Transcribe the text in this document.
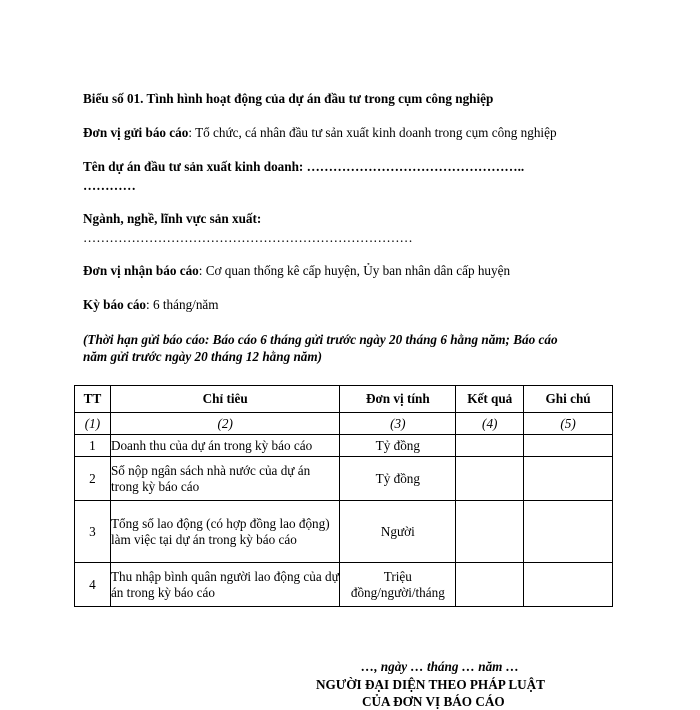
Biểu số 01. Tình hình hoạt động của dự án đầu tư trong cụm công nghiệp
Đơn vị gửi báo cáo: Tổ chức, cá nhân đầu tư sản xuất kinh doanh trong cụm công nghiệp
Tên dự án đầu tư sản xuất kinh doanh: …………………………………………..
…………
Ngành, nghề, lĩnh vực sản xuất:
…………………………………………………………………
Đơn vị nhận báo cáo: Cơ quan thống kê cấp huyện, Ủy ban nhân dân cấp huyện
Kỳ báo cáo: 6 tháng/năm
(Thời hạn gửi báo cáo: Báo cáo 6 tháng gửi trước ngày 20 tháng 6 hằng năm; Báo cáo
năm gửi trước ngày 20 tháng 12 hằng năm)
TT	Chỉ tiêu	Đơn vị tính	Kết quả	Ghi chú
(1)	(2)	(3)	(4)	(5)
1	Doanh thu của dự án trong kỳ báo cáo	Tỷ đồng		
2	Số nộp ngân sách nhà nước của dự án trong kỳ báo cáo	Tỷ đồng		
3	Tổng số lao động (có hợp đồng lao động) làm việc tại dự án trong kỳ báo cáo	Người		
4	Thu nhập bình quân người lao động của dự án trong kỳ báo cáo	Triệu đồng/người/tháng		
…, ngày … tháng … năm …
NGƯỜI ĐẠI DIỆN THEO PHÁP LUẬT
CỦA ĐƠN VỊ BÁO CÁO
